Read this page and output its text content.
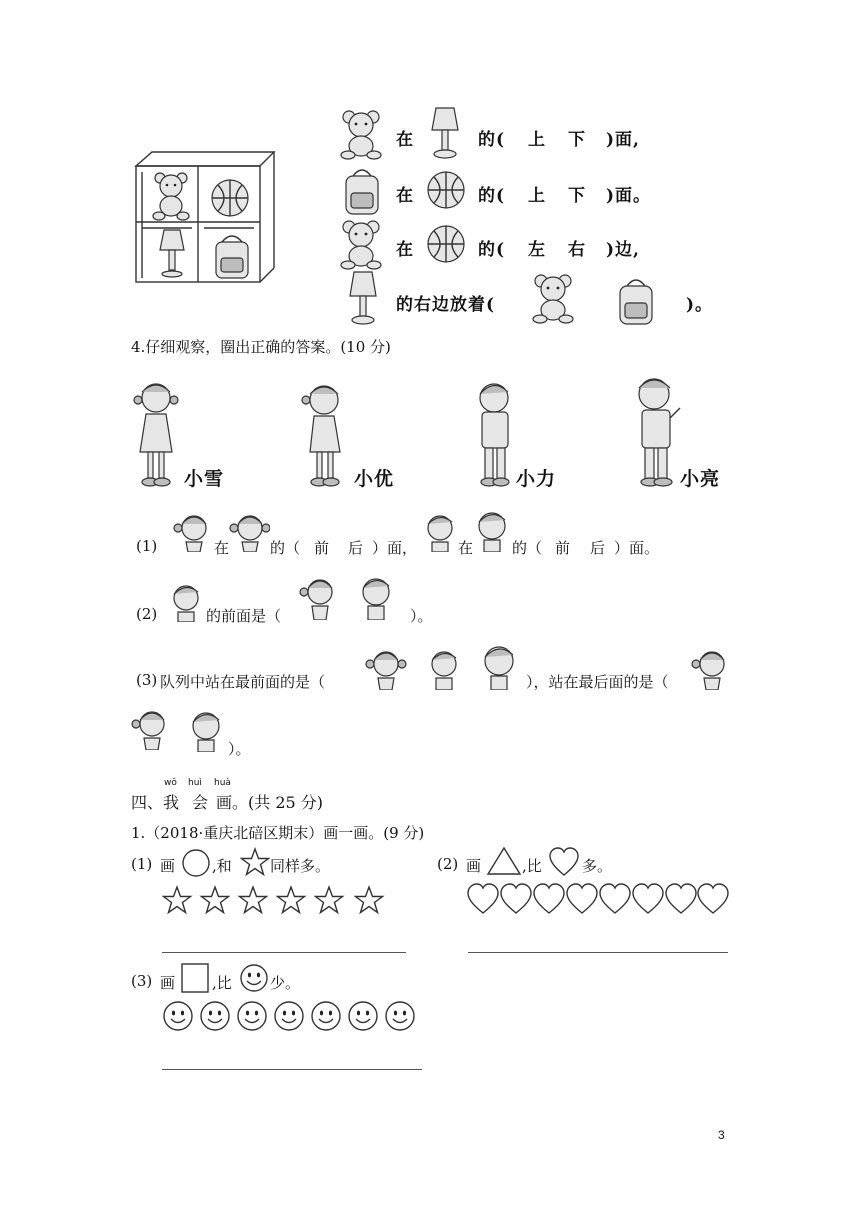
在	的( 上 下 )面,
在	的( 上 下 )面。
在	的( 左 右 )边,
的右边放着(	)。
4.仔细观察，圈出正确的答案。(10 分)
小雪	小优	小力	小亮
(1)	在	的（ 前 后 ）面，	在	的（ 前 后 ）面。
(2)	的前面是（	）。
(3) 队列中站在最前面的是（	），站在最后面的是（
）。
wǒ huì huà
四、我 会 画。(共 25 分)
1.（2018·重庆北碚区期末）画一画。(9 分)
(1) 画 ,和	同样多。	(2) 画	,比	多。
(3) 画 ,比	少。
3
